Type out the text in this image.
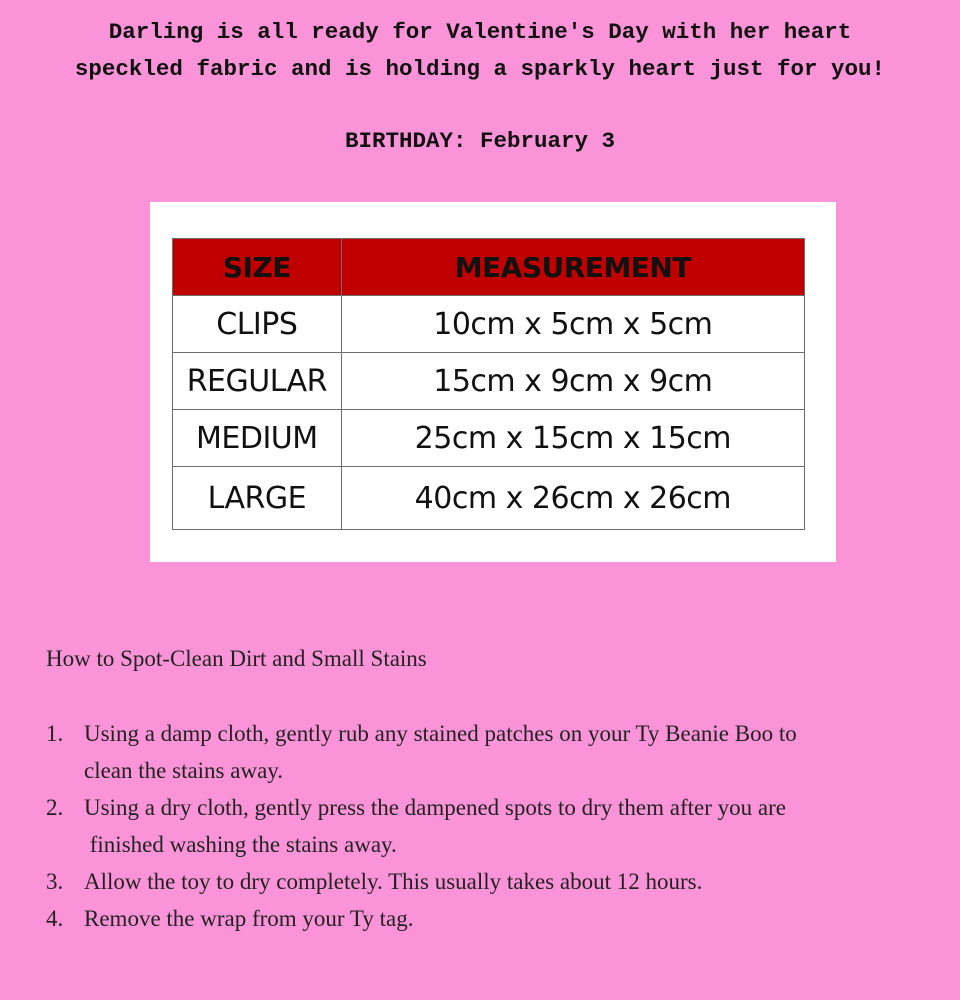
Darling is all ready for Valentine's Day with her heart
speckled fabric and is holding a sparkly heart just for you!
BIRTHDAY: February 3
SIZE	MEASUREMENT
CLIPS	10cm x 5cm x 5cm
REGULAR	15cm x 9cm x 9cm
MEDIUM	25cm x 15cm x 15cm
LARGE	40cm x 26cm x 26cm
How to Spot-Clean Dirt and Small Stains
1. Using a damp cloth, gently rub any stained patches on your Ty Beanie Boo to
clean the stains away.
2. Using a dry cloth, gently press the dampened spots to dry them after you are
finished washing the stains away.
3. Allow the toy to dry completely. This usually takes about 12 hours.
4. Remove the wrap from your Ty tag.
